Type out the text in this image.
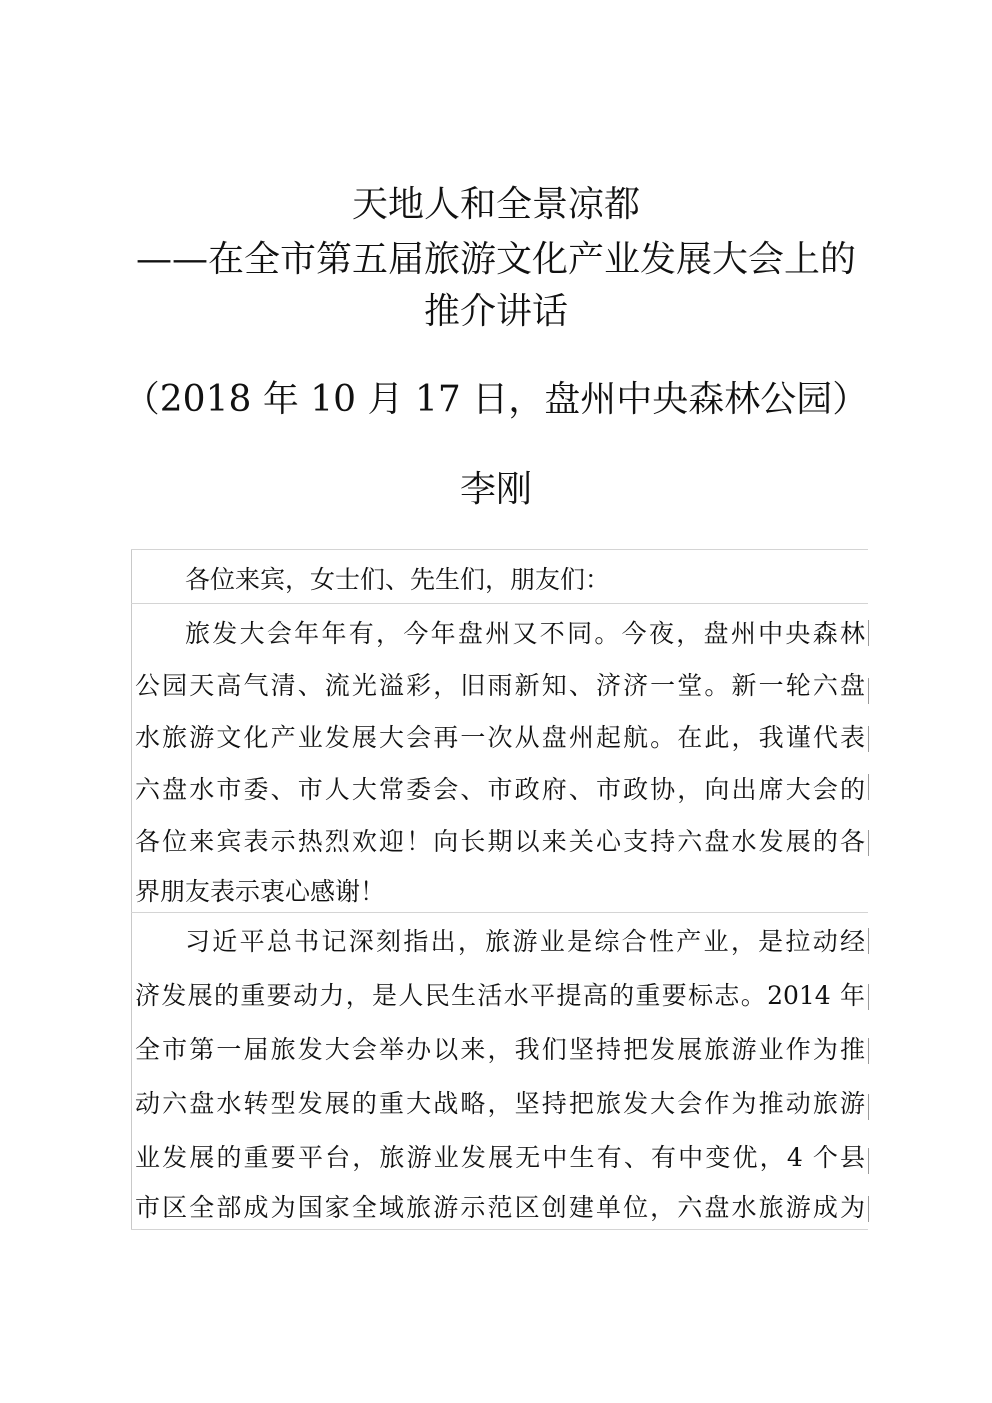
天地人和全景凉都
——在全市第五届旅游文化产业发展大会上的
推介讲话
（2018 年 10 月 17 日，盘州中央森林公园）
李刚
各位来宾，女士们、先生们，朋友们：
旅发大会年年有，今年盘州又不同。今夜，盘州中央森林
公园天高气清、流光溢彩，旧雨新知、济济一堂。新一轮六盘
水旅游文化产业发展大会再一次从盘州起航。在此，我谨代表
六盘水市委、市人大常委会、市政府、市政协，向出席大会的
各位来宾表示热烈欢迎！向长期以来关心支持六盘水发展的各
界朋友表示衷心感谢！
习近平总书记深刻指出，旅游业是综合性产业，是拉动经
济发展的重要动力，是人民生活水平提高的重要标志。2014 年
全市第一届旅发大会举办以来，我们坚持把发展旅游业作为推
动六盘水转型发展的重大战略，坚持把旅发大会作为推动旅游
业发展的重要平台，旅游业发展无中生有、有中变优，4 个县
市区全部成为国家全域旅游示范区创建单位，六盘水旅游成为
